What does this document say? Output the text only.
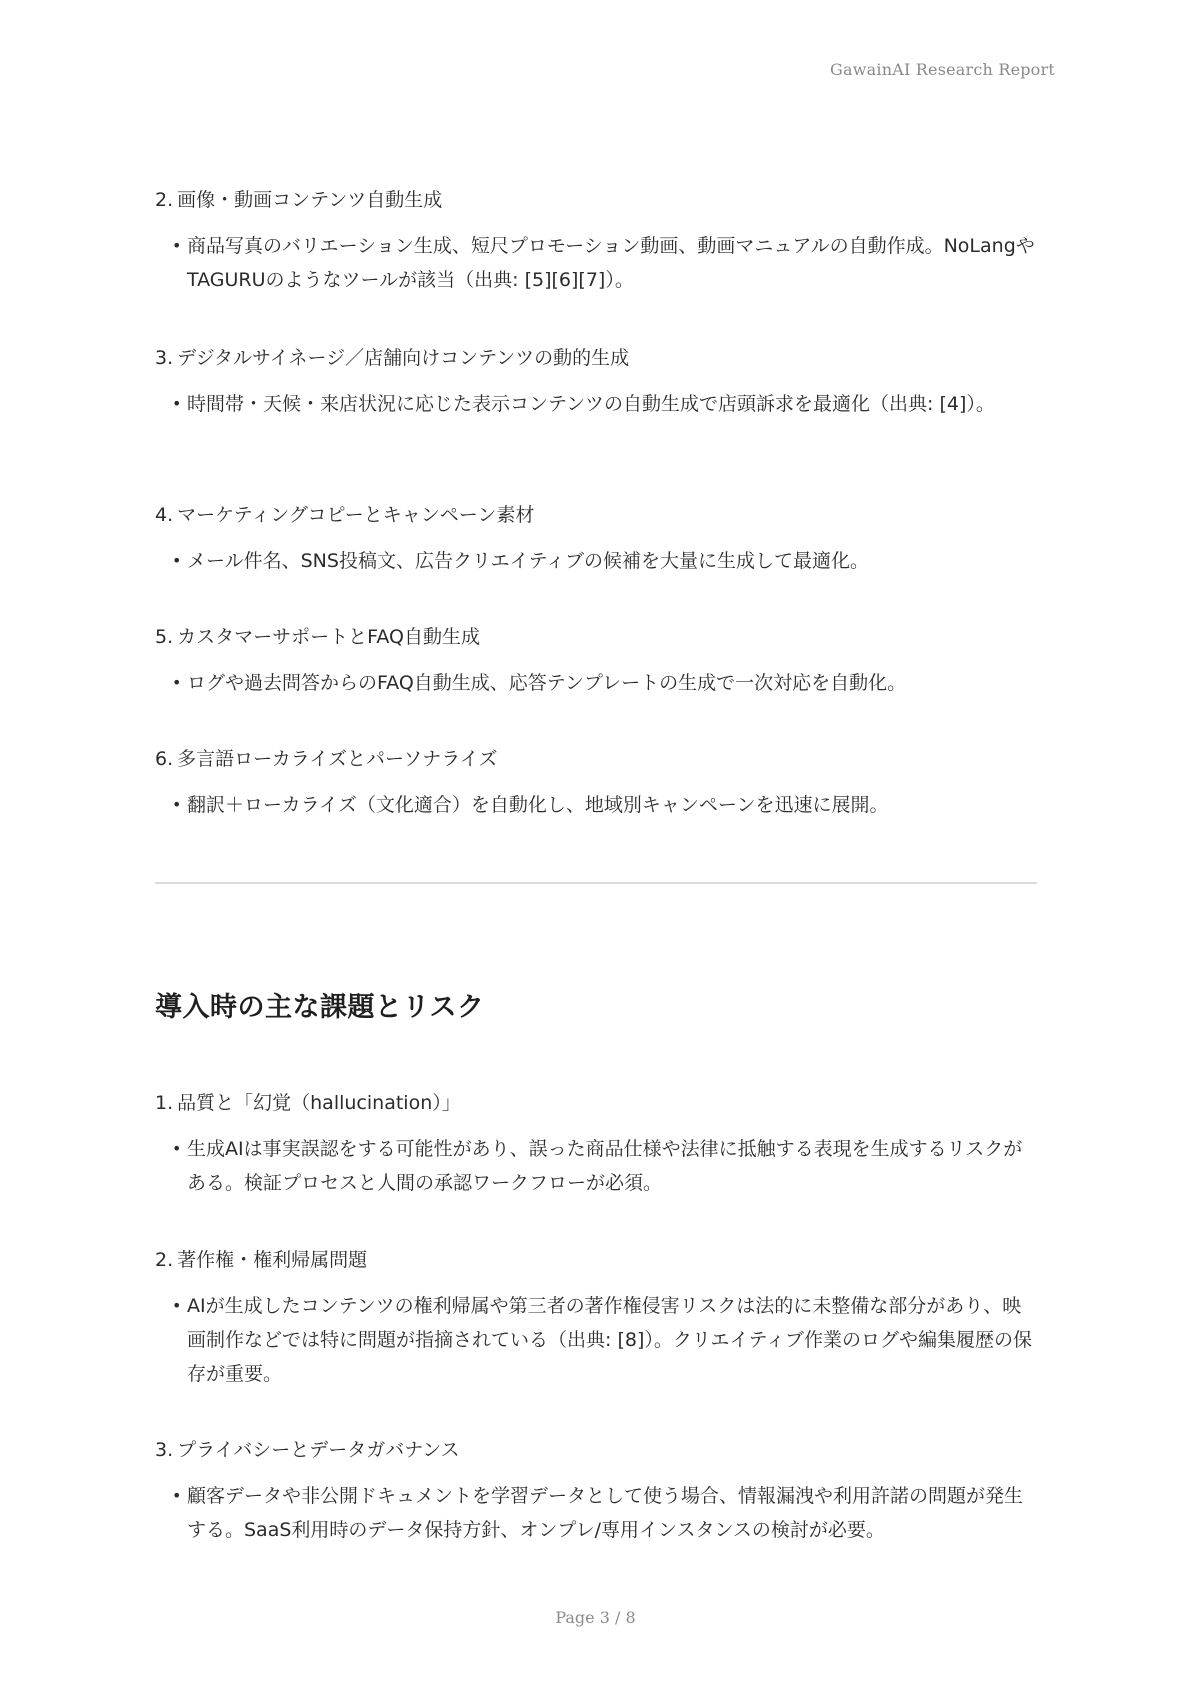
GawainAI Research Report
2. 画像・動画コンテンツ自動生成
• 商品写真のバリエーション生成、短尺プロモーション動画、動画マニュアルの自動作成。NoLangやTAGURUのようなツールが該当（出典: [5][6][7]）。
3. デジタルサイネージ／店舗向けコンテンツの動的生成
• 時間帯・天候・来店状況に応じた表示コンテンツの自動生成で店頭訴求を最適化（出典: [4]）。
4. マーケティングコピーとキャンペーン素材
• メール件名、SNS投稿文、広告クリエイティブの候補を大量に生成して最適化。
5. カスタマーサポートとFAQ自動生成
• ログや過去問答からのFAQ自動生成、応答テンプレートの生成で一次対応を自動化。
6. 多言語ローカライズとパーソナライズ
• 翻訳＋ローカライズ（文化適合）を自動化し、地域別キャンペーンを迅速に展開。
1. 品質と「幻覚（hallucination）」
• 生成AIは事実誤認をする可能性があり、誤った商品仕様や法律に抵触する表現を生成するリスクがある。検証プロセスと人間の承認ワークフローが必須。
2. 著作権・権利帰属問題
• AIが生成したコンテンツの権利帰属や第三者の著作権侵害リスクは法的に未整備な部分があり、映画制作などでは特に問題が指摘されている（出典: [8]）。クリエイティブ作業のログや編集履歴の保存が重要。
3. プライバシーとデータガバナンス
• 顧客データや非公開ドキュメントを学習データとして使う場合、情報漏洩や利用許諾の問題が発生する。SaaS利用時のデータ保持方針、オンプレ/専用インスタンスの検討が必要。
導入時の主な課題とリスク
Page 3 / 8
